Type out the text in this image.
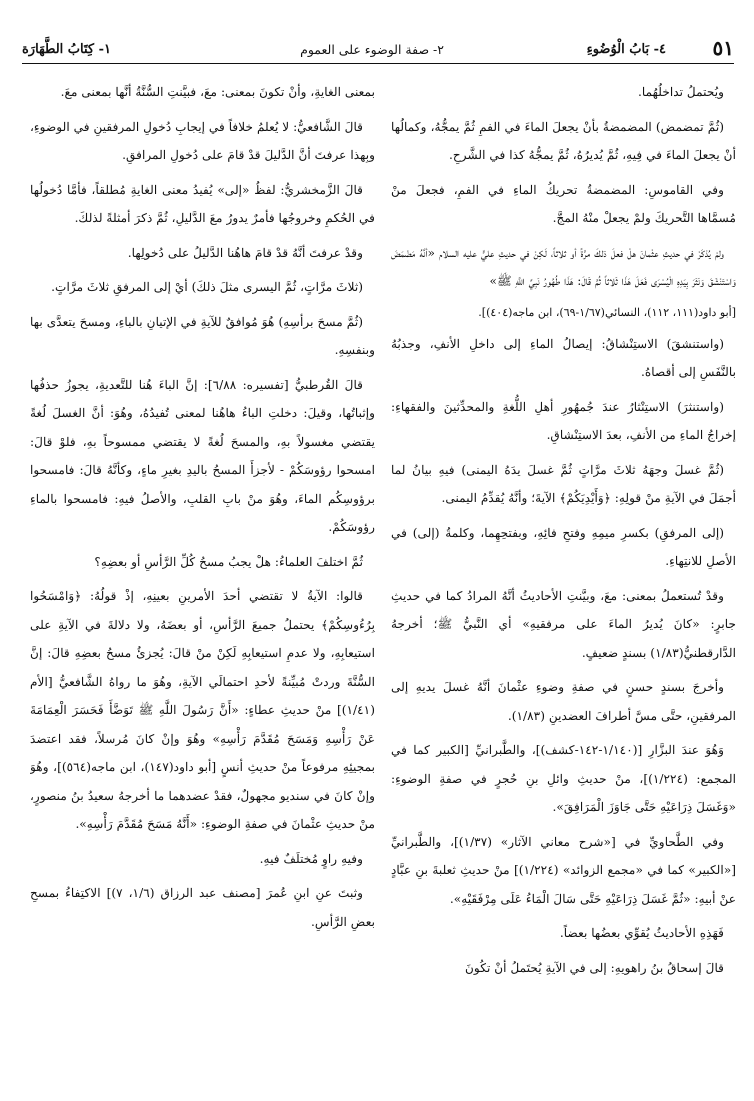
٥١
٤- بَابُ الْوُضُوءِ
٢- صفة الوضوء على العموم
١- كِتَابُ الطَّهَارَة

ويُحتملُ تداخلُهُما.

(ثُمَّ تمضمض) المضمضةُ بأنْ يجعلَ الماءَ في الفمِ ثُمَّ يمجُّهُ، وكمالُها أنْ يجعلَ الماءَ في فِيهِ، ثُمَّ يُديرُهُ، ثُمَّ يمجُّهُ كذا في الشَّرحِ.

وفي القاموسِ: المضمضةُ تحريكُ الماءِ في الفمِ، فجعلَ منْ مُسمَّاها التَّحريكَ ولمْ يجعلْ منْهُ المجَّ.

ولمْ يُذكَرْ في حديثِ عثْمانَ هلْ فعلَ ذلكَ مرَّةً أو ثلاثاً، لَكِنْ في حديثِ عليٍّ عليه السلام «أنَّهُ مَضْمَضَ وَاسْتَنْشَقَ وَنَثَرَ بِيَدِهِ الْيُسْرَى فَعَلَ هَذَا ثَلاثاً ثُمَّ قَالَ: هَذَا طُهُورُ نَبِيِّ اللَّهِ ﷺ»

[أبو داود(١١١، ١١٢)، النسائي(١/٦٧-٦٩)، ابن ماجه(٤٠٤)].

(واستنشقَ) الاستِنْشاقُ: إيصالُ الماءِ إلى داخلِ الأنفِ، وجذبُهُ بالنَّفَسِ إلى أقصاهُ.

(واستنثرَ) الاستِنْثارُ عندَ جُمهُورِ أهلِ اللُّغةِ والمحدِّثينَ والفقهاءِ: إخراجُ الماءِ من الأنفِ، بعدَ الاستِنْشاقِ.

(ثُمَّ غسلَ وجهَهُ ثلاثَ مرَّاتٍ ثُمَّ غسلَ يدَهُ اليمنى) فيهِ بيانُ لما أجمَلَ في الآيةِ منْ قولِهِ: ﴿وَأَيْدِيَكُمْ﴾ الآيةَ؛ وأنَّهُ يُقدِّمُ اليمنى.

(إلى المرفقِ) بكسرِ ميمِهِ وفتحِ فائِهِ، وبفتحِهِما، وكلمةُ (إلى) في الأصلِ للانتِهاءِ.

وقدْ تُستعملُ بمعنى: معَ، وبيَّنتِ الأحاديثُ أنَّهُ المرادُ كما في حديثِ جابرٍ: «كانَ يُديرُ الماءَ على مرفقيهِ» أي النَّبيُّ ﷺ؛ أخرجهُ الدَّارقطنيُّ(١/٨٣) بسندٍ ضعيفٍ.

وأخرجَ بسندٍ حسنٍ في صفةِ وضوءِ عثْمانَ أنَّهُ غسلَ يديهِ إلى المرفقينِ، حتَّى مسَّ أطرافَ العضدينِ (١/٨٣).

وَهُوَ عندَ البزَّارِ [(١/١٤٠-١٤٢-كشف)]، والطَّبرانيِّ [الكبير كما في المجمع: (١/٢٢٤)]، منْ حديثِ وائلِ بنِ حُجرٍ في صفةِ الوضوءِ: «وَغَسَلَ ذِرَاعَيْهِ حَتَّى جَاوَزَ الْمَرَافِقَ».

وفي الطَّحاويِّ في [«شرح معاني الآثار» (١/٣٧)]، والطَّبرانيِّ [«الكبير» كما في «مجمع الزوائد» (١/٢٢٤)] منْ حديثِ ثعلبةَ بنِ عبَّادٍ عنْ أبيهِ: «ثُمَّ غَسَلَ ذِرَاعَيْهِ حَتَّى سَالَ الْمَاءُ عَلَى مِرْفَقَيْهِ».

فَهَذِهِ الأحاديثُ يُقوِّي بعضُها بعضاً.

قالَ إسحاقُ بنُ راهويهِ: إلى في الآيةِ يُحتَملُ أنْ تكُونَ

بمعنى الغايةِ، وأنْ تكونَ بمعنى: معَ، فبيَّنتِ السُّنَّةُ أنَّها بمعنى معَ.

قالَ الشَّافعيُّ: لا يُعلمُ خلافاً في إيجابِ دُخولِ المرفقينِ في الوضوءِ، وبِهذا عرفتَ أنَّ الدَّليلَ قدْ قامَ على دُخولِ المرافقِ.

قالَ الزَّمخشريُّ: لفظُ «إلى» يُفيدُ معنى الغايةِ مُطلقاً، فأمَّا دُخولُها في الحُكمِ وخروجُها فأمرٌ يدورُ معَ الدَّليلِ، ثُمَّ ذكرَ أمثلةً لذلكَ.

وقدْ عرفتَ أنَّهُ قدْ قامَ هاهُنا الدَّليلُ على دُخولِها.

(ثلاثَ مرَّاتٍ، ثُمَّ اليسرى مثلَ ذلكَ) أيْ إلى المرفقِ ثلاثَ مرَّاتٍ.

(ثُمَّ مسحَ برأسِهِ) هُوَ مُوافقٌ للآيةِ في الإتيانِ بالباءِ، ومسحَ يتعدَّى بها وبنفسِهِ.

قالَ القُرطبيُّ [تفسيره: ٦/٨٨]: إنَّ الباءَ هُنا للتَّعديةِ، يجوزُ حذفُها وإثباتُها، وقيلَ: دخلتِ الباءُ هاهُنا لمعنى تُفيدُهُ، وهُوَ: أنَّ الغسلَ لُغةً يقتضي مغسولاً بهِ، والمسحَ لُغةً لا يقتضي ممسوحاً بهِ، فلوْ قالَ: امسحوا رؤوسَكُمْ - لأجزأَ المسحُ باليدِ بغيرِ ماءٍ، وكأنَّهُ قالَ: فامسحوا برؤوسِكُم الماءَ، وهُوَ منْ بابِ القلبِ، والأصلُ فيهِ: فامسحوا بالماءِ رؤوسَكُمْ.

ثُمَّ اختلفَ العلماءُ: هلْ يجبُ مسحُ كُلِّ الرَّأسِ أو بعضِهِ؟

قالوا: الآيةُ لا تقتضي أحدَ الأمرينِ بعينِهِ، إذْ قولُهُ: ﴿وَامْسَحُوا بِرُءُوسِكُمْ﴾ يحتملُ جميعَ الرَّأسِ، أو بعضَهُ، ولا دلالةَ في الآيةِ على استيعابِهِ، ولا عدمِ استيعابِهِ لَكِنْ منْ قالَ: يُجزئُ مسحُ بعضِهِ قالَ: إنَّ السُّنَّةَ وردتْ مُبيِّنةً لأحدِ احتمالَي الآيةِ، وهُوَ ما رواهُ الشَّافعيُّ [الأم (١/٤١)] منْ حديثِ عطاءٍ: «أَنَّ رَسُولَ اللَّهِ ﷺ تَوَضَّأَ فَحَسَرَ الْعِمَامَةَ عَنْ رَأْسِهِ وَمَسَحَ مُقَدَّمَ رَأْسِهِ» وهُوَ وإنْ كانَ مُرسلاً، فقد اعتضدَ بمجيئِهِ مرفوعاً منْ حديثِ أنسٍ [أبو داود(١٤٧)، ابن ماجه(٥٦٤)]، وهُوَ وإنْ كانَ في سنديو مجهولٌ، فقدْ عضدهما ما أخرجهُ سعيدُ بنُ منصورٍ، منْ حديثِ عثْمانَ في صفةِ الوضوءِ: «أَنَّهُ مَسَحَ مُقَدَّمَ رَأْسِهِ».

وفيهِ راوٍ مُختلَفٌ فيهِ.

وثبتَ عنِ ابنِ عُمرَ [مصنف عبد الرزاق (١/٦، ٧)] الاكتِفاءُ بمسحِ بعضِ الرَّأسِ.
